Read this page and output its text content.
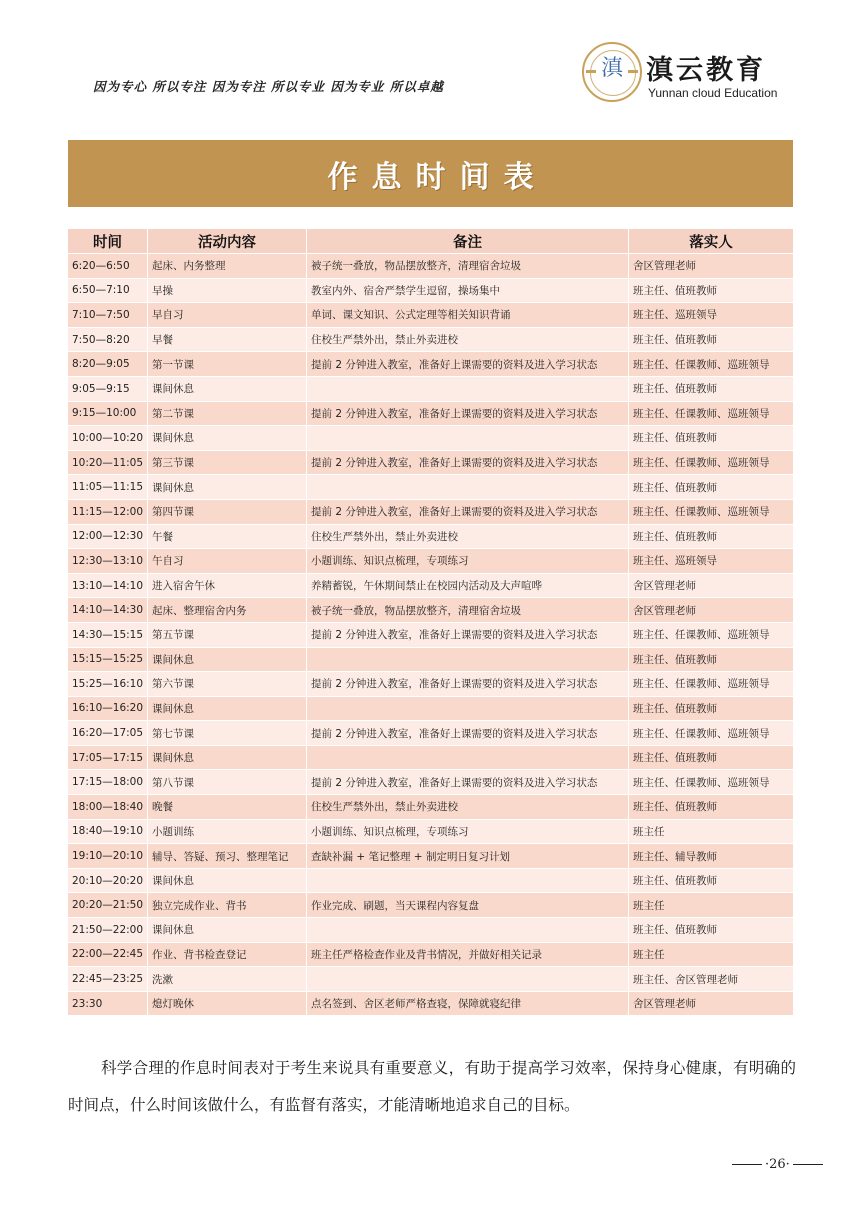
因为专心 所以专注 因为专注 所以专业 因为专业 所以卓越
滇 滇云教育
Yunnan cloud Education
作息时间表
时间	活动内容	备注	落实人
6:20—6:50	起床、内务整理	被子统一叠放，物品摆放整齐，清理宿舍垃圾	舍区管理老师
6:50—7:10	早操	教室内外、宿舍严禁学生逗留，操场集中	班主任、值班教师
7:10—7:50	早自习	单词、课文知识、公式定理等相关知识背诵	班主任、巡班领导
7:50—8:20	早餐	住校生严禁外出，禁止外卖进校	班主任、值班教师
8:20—9:05	第一节课	提前 2 分钟进入教室，准备好上课需要的资料及进入学习状态	班主任、任课教师、巡班领导
9:05—9:15	课间休息		班主任、值班教师
9:15—10:00	第二节课	提前 2 分钟进入教室，准备好上课需要的资料及进入学习状态	班主任、任课教师、巡班领导
10:00—10:20	课间休息		班主任、值班教师
10:20—11:05	第三节课	提前 2 分钟进入教室，准备好上课需要的资料及进入学习状态	班主任、任课教师、巡班领导
11:05—11:15	课间休息		班主任、值班教师
11:15—12:00	第四节课	提前 2 分钟进入教室，准备好上课需要的资料及进入学习状态	班主任、任课教师、巡班领导
12:00—12:30	午餐	住校生严禁外出，禁止外卖进校	班主任、值班教师
12:30—13:10	午自习	小题训练、知识点梳理，专项练习	班主任、巡班领导
13:10—14:10	进入宿舍午休	养精蓄锐，午休期间禁止在校园内活动及大声喧哗	舍区管理老师
14:10—14:30	起床、整理宿舍内务	被子统一叠放，物品摆放整齐，清理宿舍垃圾	舍区管理老师
14:30—15:15	第五节课	提前 2 分钟进入教室，准备好上课需要的资料及进入学习状态	班主任、任课教师、巡班领导
15:15—15:25	课间休息		班主任、值班教师
15:25—16:10	第六节课	提前 2 分钟进入教室，准备好上课需要的资料及进入学习状态	班主任、任课教师、巡班领导
16:10—16:20	课间休息		班主任、值班教师
16:20—17:05	第七节课	提前 2 分钟进入教室，准备好上课需要的资料及进入学习状态	班主任、任课教师、巡班领导
17:05—17:15	课间休息		班主任、值班教师
17:15—18:00	第八节课	提前 2 分钟进入教室，准备好上课需要的资料及进入学习状态	班主任、任课教师、巡班领导
18:00—18:40	晚餐	住校生严禁外出，禁止外卖进校	班主任、值班教师
18:40—19:10	小题训练	小题训练、知识点梳理，专项练习	班主任
19:10—20:10	辅导、答疑、预习、整理笔记	查缺补漏 + 笔记整理 + 制定明日复习计划	班主任、辅导教师
20:10—20:20	课间休息		班主任、值班教师
20:20—21:50	独立完成作业、背书	作业完成、刷题，当天课程内容复盘	班主任
21:50—22:00	课间休息		班主任、值班教师
22:00—22:45	作业、背书检查登记	班主任严格检查作业及背书情况，并做好相关记录	班主任
22:45—23:25	洗漱		班主任、舍区管理老师
23:30	熄灯晚休	点名签到、舍区老师严格查寝，保障就寝纪律	舍区管理老师
科学合理的作息时间表对于考生来说具有重要意义，有助于提高学习效率，保持身心健康，有明确的时间点，什么时间该做什么，有监督有落实，才能清晰地追求自己的目标。
·26·
